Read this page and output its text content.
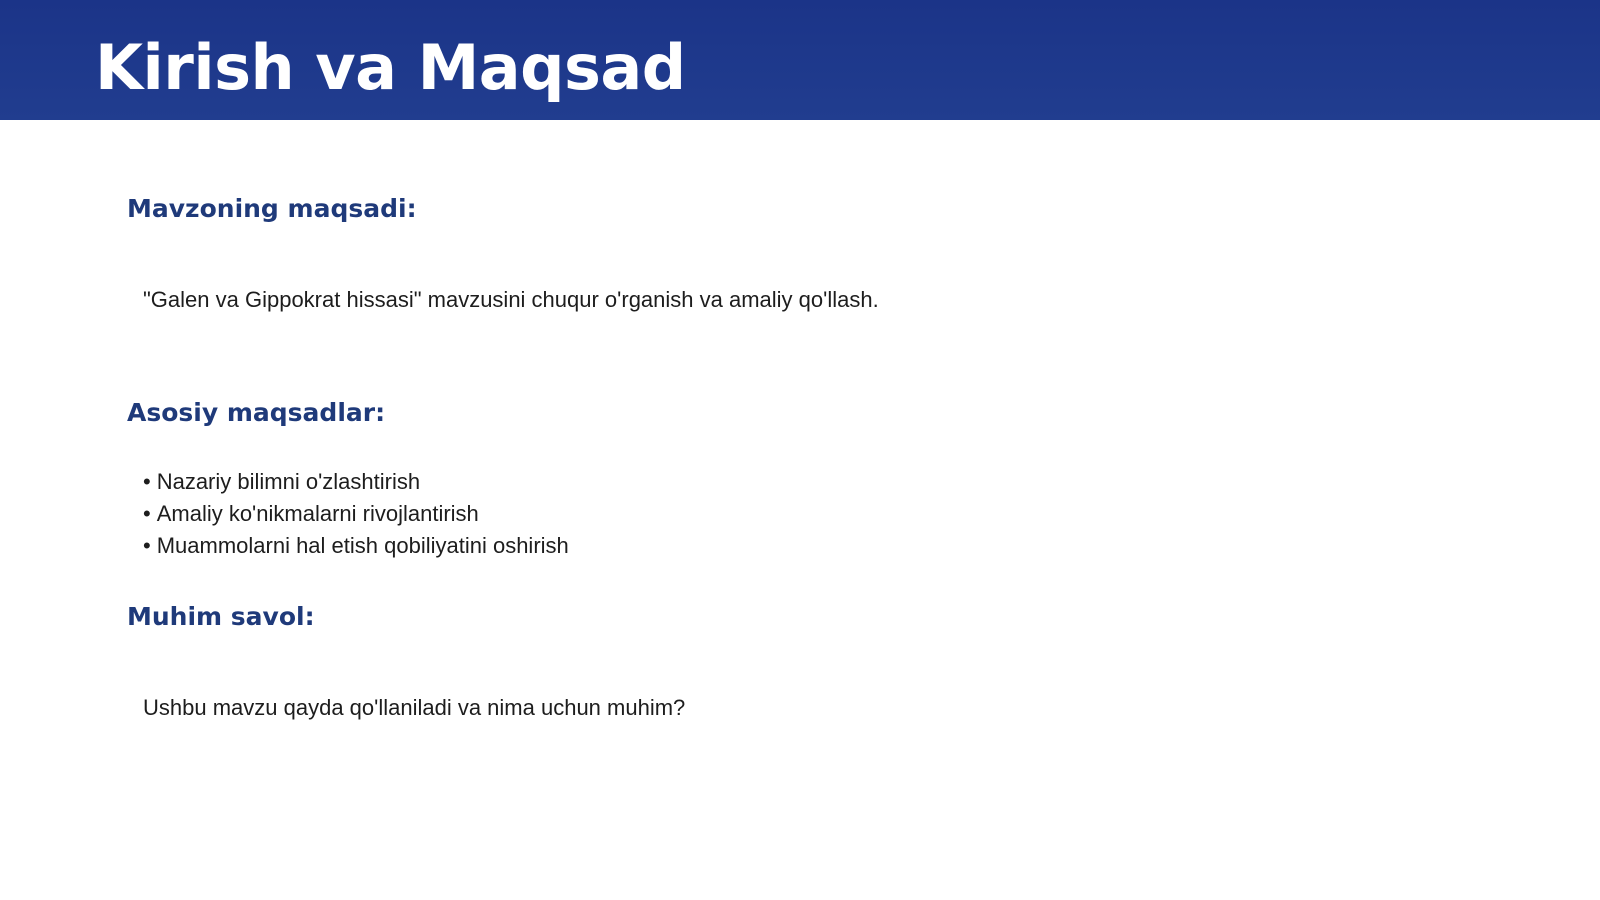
Kirish va Maqsad
Mavzoning maqsadi:

"Galen va Gippokrat hissasi" mavzusini chuqur o'rganish va amaliy qo'llash.

Asosiy maqsadlar:
• Nazariy bilimni o'zlashtirish
• Amaliy ko'nikmalarni rivojlantirish
• Muammolarni hal etish qobiliyatini oshirish
Muhim savol:

Ushbu mavzu qayda qo'llaniladi va nima uchun muhim?
